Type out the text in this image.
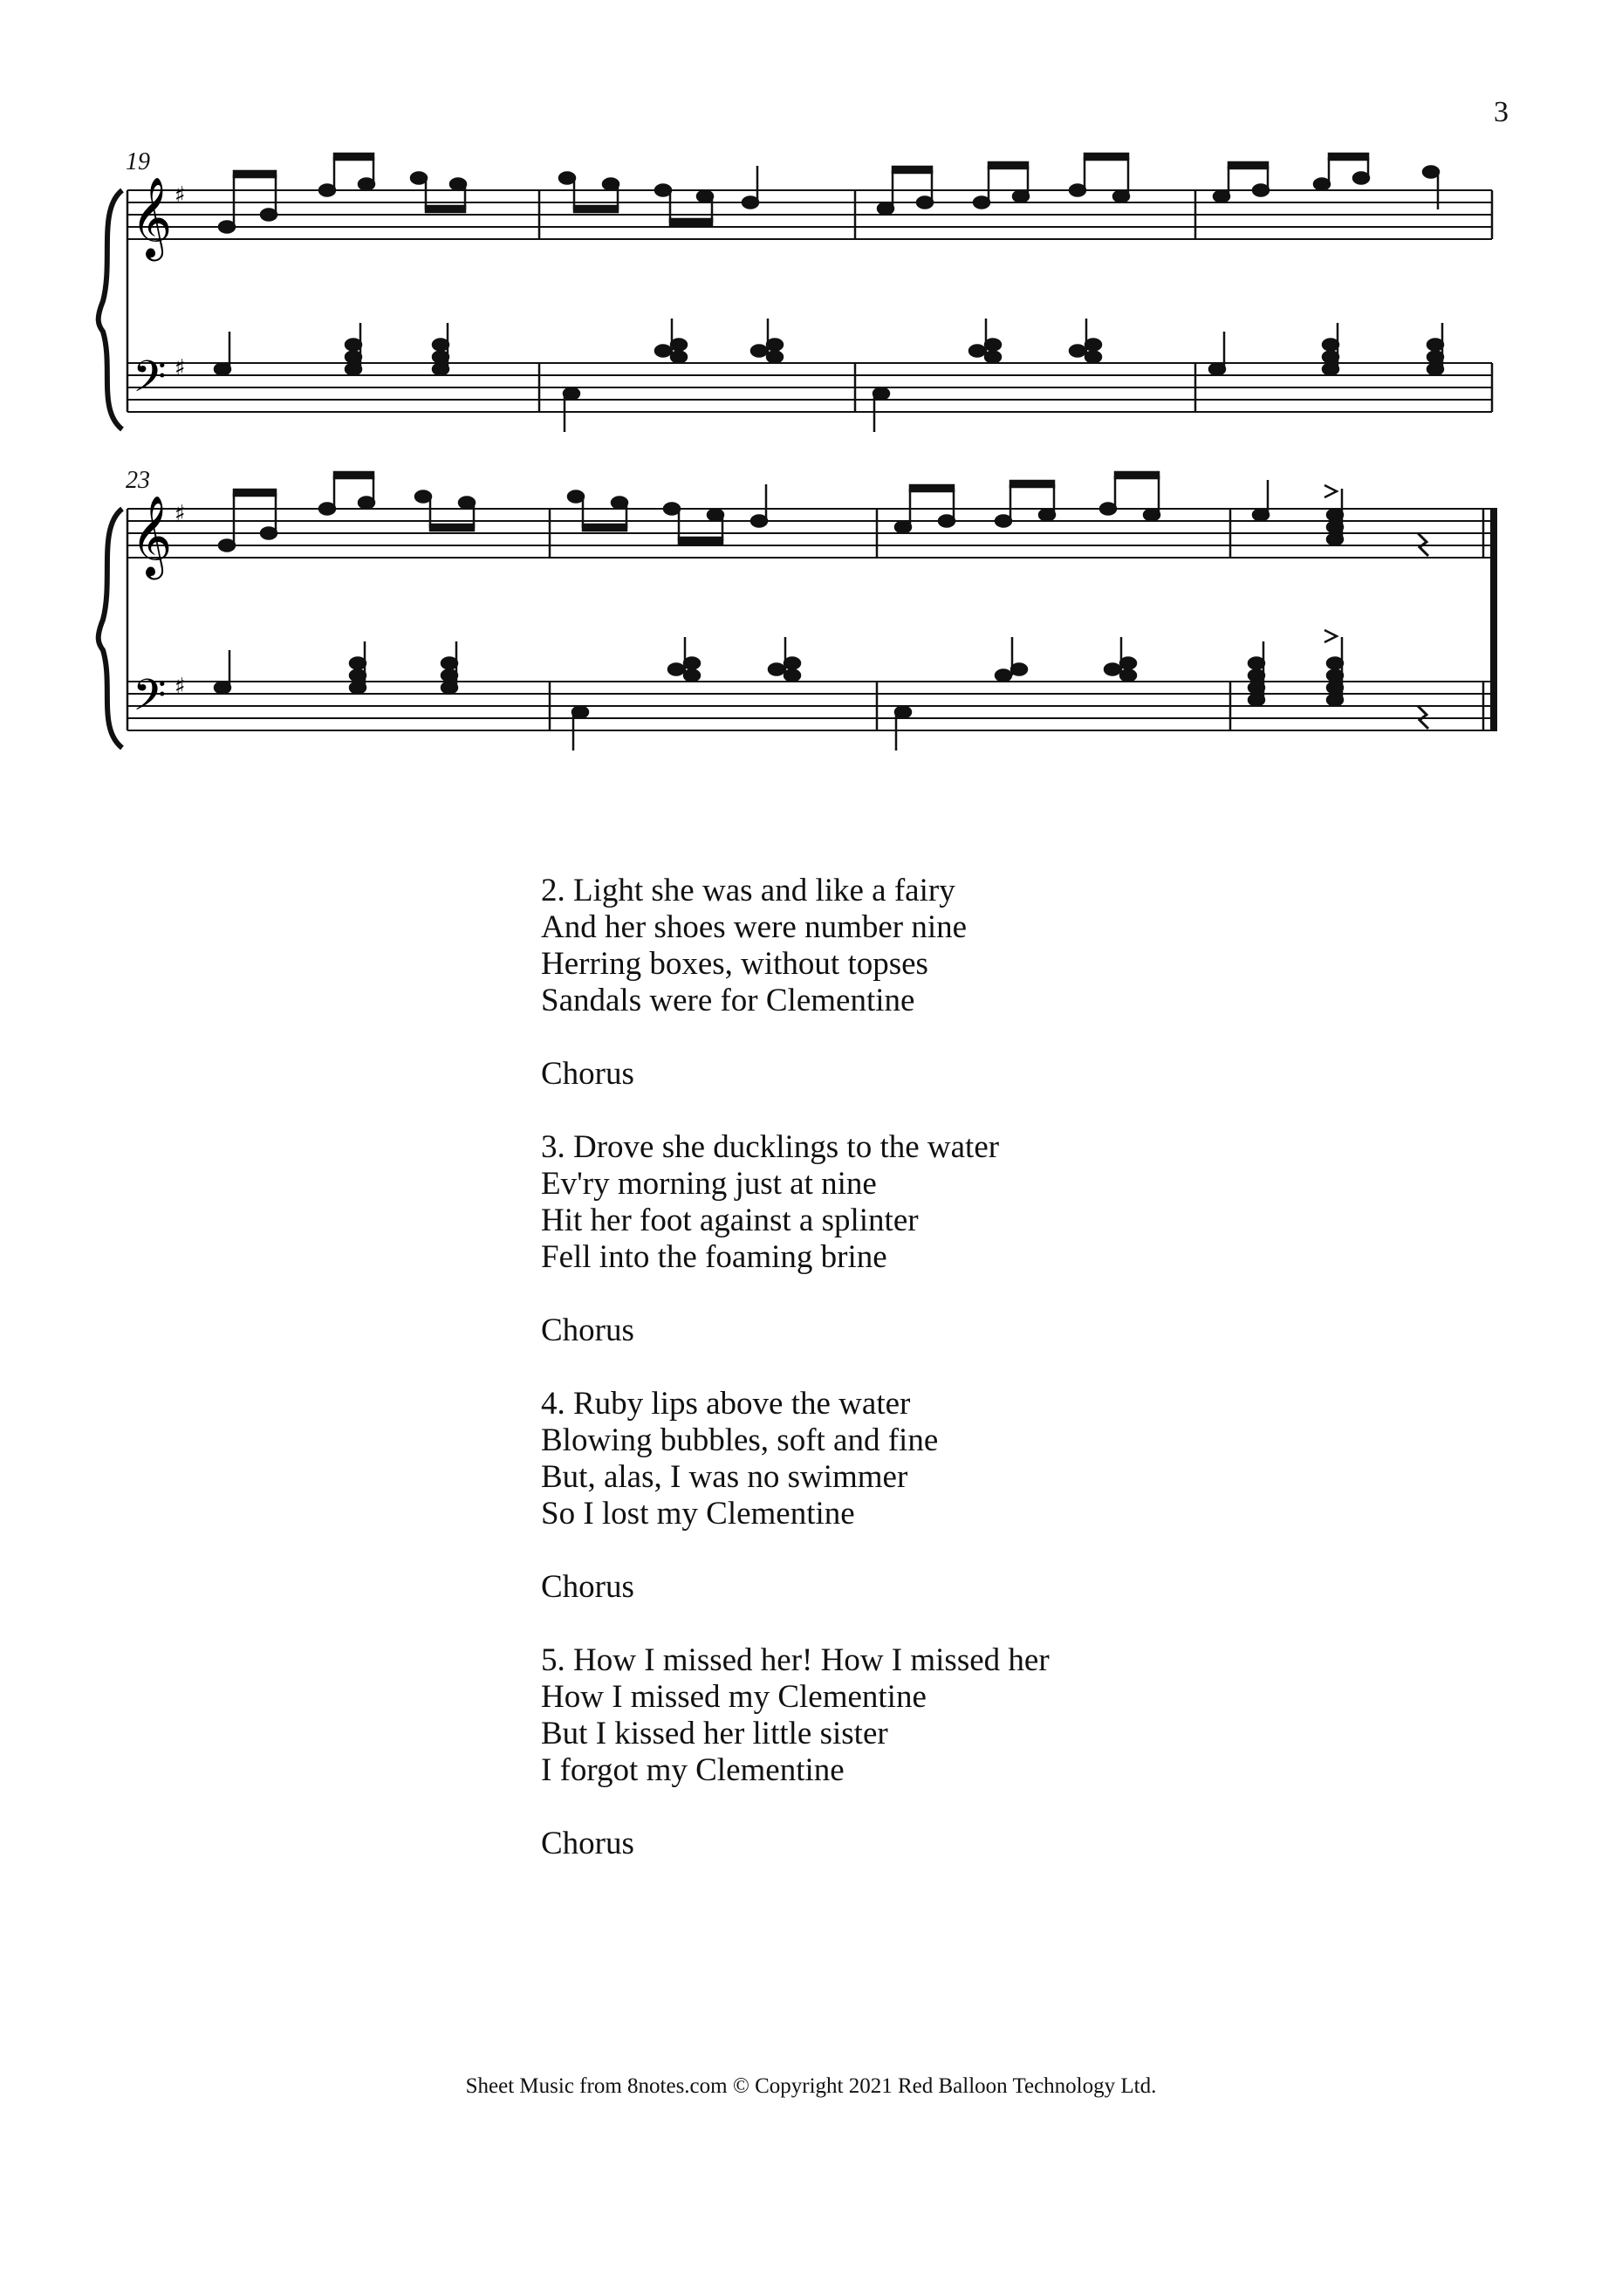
3
19
𝄞 ♯
𝄢 ♯
23
𝄞 ♯
𝄢 ♯
2. Light she was and like a fairy
And her shoes were number nine
Herring boxes, without topses
Sandals were for Clementine
Chorus
3. Drove she ducklings to the water
Ev'ry morning just at nine
Hit her foot against a splinter
Fell into the foaming brine
Chorus
4. Ruby lips above the water
Blowing bubbles, soft and fine
But, alas, I was no swimmer
So I lost my Clementine
Chorus
5. How I missed her! How I missed her
How I missed my Clementine
But I kissed her little sister
I forgot my Clementine
Chorus
Sheet Music from 8notes.com © Copyright 2021 Red Balloon Technology Ltd.
